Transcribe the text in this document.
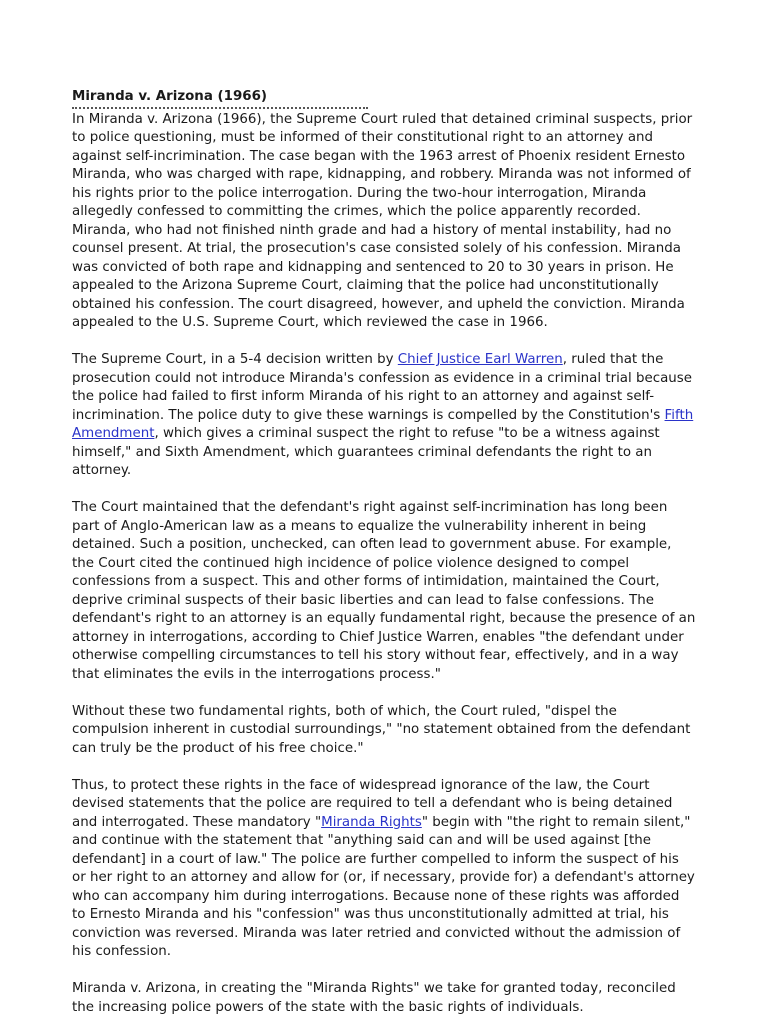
Miranda v. Arizona (1966)

In Miranda v. Arizona (1966), the Supreme Court ruled that detained criminal suspects, prior to police questioning, must be informed of their constitutional right to an attorney and against self-incrimination. The case began with the 1963 arrest of Phoenix resident Ernesto Miranda, who was charged with rape, kidnapping, and robbery. Miranda was not informed of his rights prior to the police interrogation. During the two-hour interrogation, Miranda allegedly confessed to committing the crimes, which the police apparently recorded. Miranda, who had not finished ninth grade and had a history of mental instability, had no counsel present. At trial, the prosecution's case consisted solely of his confession. Miranda was convicted of both rape and kidnapping and sentenced to 20 to 30 years in prison. He appealed to the Arizona Supreme Court, claiming that the police had unconstitutionally obtained his confession. The court disagreed, however, and upheld the conviction. Miranda appealed to the U.S. Supreme Court, which reviewed the case in 1966.

The Supreme Court, in a 5-4 decision written by Chief Justice Earl Warren, ruled that the prosecution could not introduce Miranda's confession as evidence in a criminal trial because the police had failed to first inform Miranda of his right to an attorney and against self-incrimination. The police duty to give these warnings is compelled by the Constitution's Fifth Amendment, which gives a criminal suspect the right to refuse "to be a witness against himself," and Sixth Amendment, which guarantees criminal defendants the right to an attorney.

The Court maintained that the defendant's right against self-incrimination has long been part of Anglo-American law as a means to equalize the vulnerability inherent in being detained. Such a position, unchecked, can often lead to government abuse. For example, the Court cited the continued high incidence of police violence designed to compel confessions from a suspect. This and other forms of intimidation, maintained the Court, deprive criminal suspects of their basic liberties and can lead to false confessions. The defendant's right to an attorney is an equally fundamental right, because the presence of an attorney in interrogations, according to Chief Justice Warren, enables "the defendant under otherwise compelling circumstances to tell his story without fear, effectively, and in a way that eliminates the evils in the interrogations process."

Without these two fundamental rights, both of which, the Court ruled, "dispel the compulsion inherent in custodial surroundings," "no statement obtained from the defendant can truly be the product of his free choice."

Thus, to protect these rights in the face of widespread ignorance of the law, the Court devised statements that the police are required to tell a defendant who is being detained and interrogated. These mandatory "Miranda Rights" begin with "the right to remain silent," and continue with the statement that "anything said can and will be used against [the defendant] in a court of law." The police are further compelled to inform the suspect of his or her right to an attorney and allow for (or, if necessary, provide for) a defendant's attorney who can accompany him during interrogations. Because none of these rights was afforded to Ernesto Miranda and his "confession" was thus unconstitutionally admitted at trial, his conviction was reversed. Miranda was later retried and convicted without the admission of his confession.

Miranda v. Arizona, in creating the "Miranda Rights" we take for granted today, reconciled the increasing police powers of the state with the basic rights of individuals.
